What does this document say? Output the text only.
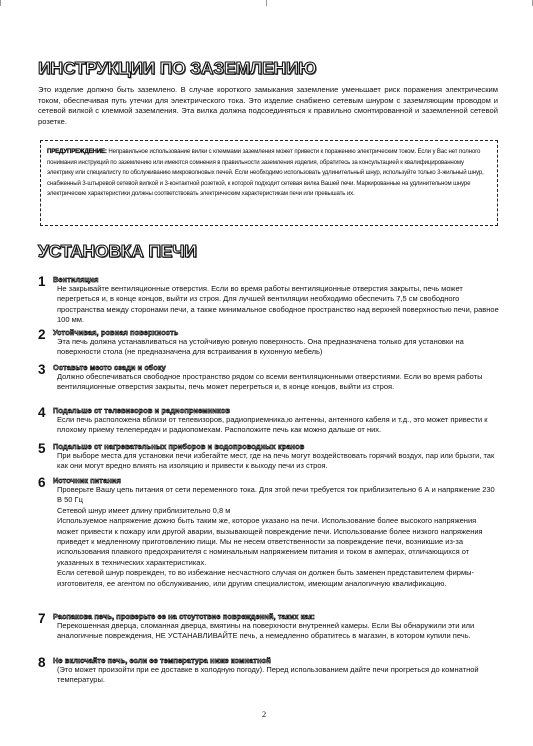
ИНСТРУКЦИИ ПО ЗАЗЕМЛЕНИЮ

Это изделие должно быть заземлено. В случае короткого замыкания заземление уменьшает риск поражения электрическим током, обеспечивая путь утечки для электрического тока. Это изделие снабжено сетевым шнуром с заземляющим проводом и сетевой вилкой с клеммой заземления. Эта вилка должна подсоединяться к правильно смонтированной и заземленной сетевой розетке.

ПРЕДУПРЕЖДЕНИЕ: Неправильное использование вилки с клеммами заземления может привести к поражению электрическим током. Если у Вас нет полного понимания инструкций по заземлению или имеются сомнения в правильности заземления изделия, обратитесь за консультацией к квалифицированному электрику или специалисту по обслуживанию микроволновых печей. Если необходимо использовать удлинительный шнур, используйте только 3-жильный шнур, снабженный 3-штыревой сетевой вилкой и 3-контактной розеткой, к которой подходит сетевая вилка Вашей печи. Маркированные на удлинительном шнуре электрические характеристики должны соответствовать электрическим характеристикам печи или превышать их.

УСТАНОВКА ПЕЧИ
1 Вентиляция

Не закрывайте вентиляционные отверстия. Если во время работы вентиляционные отверстия закрыты, печь может перегреться и, в конце концов, выйти из строя. Для лучшей вентиляции необходимо обеспечить 7,5 см свободного пространства между сторонами печи, а также минимальное свободное пространство над верхней поверхностью печи, равное 100 мм.

2 Устойчивая, ровная поверхность

Эта печь должна устанавливаться на устойчивую ровную поверхность. Она предназначена только для установки на поверхности стола (не предназначена для встраивания в кухонную мебель)

3 Оставьте место сзади и сбоку

Должно обеспечиваться свободное пространство рядом со всеми вентиляционными отверстиями. Если во время работы вентиляционные отверстия закрыты, печь может перегреться и, в конце концов, выйти из строя.

4 Подальше от телевизоров и радиоприемников

Если печь расположена вблизи от телевизоров, радиоприемника,ю антенны, антенного кабеля и т.д., это может привести к плохому приему телепередач и радиопомехам. Расположите печь как можно дальше от них.

5 Подальше от нагревательных приборов и водопроводных кранов

При выборе места для установки печи избегайте мест, где на печь могут воздействовать горячий воздух, пар или брызги, так как они могут вредно влиять на изоляцию и привести к выходу печи из строя.

6 Источник питания

Проверьте Вашу цепь питания от сети переменного тока. Для этой печи требуется ток приблизительно 6 А и напряжение 230 В 50 Гц
Сетевой шнур имеет длину приблизительно 0,8 м
Используемое напряжение дожно быть таким же, которое указано на печи. Использование более высокого напряжения может привести к пожару или другой аварии, вызывающей повреждение печи. Использование более низкого напряжения приведет к медленному приготовлению пищи. Мы не несем ответственности за повреждение печи, возникшие из-за использования плавкого предохранителя с номинальным напряжением питания и током в амперах, отличающихся от указанных в технических характеристиках.
Если сетевой шнур поврежден, то во избежание несчастного случая он должен быть заменен представителем фирмы-изготовителя, ее агентом по обслуживанию, или другим специалистом, имеющим аналогичную квалификацию.

7 Распакова печь, проверьте ее на отсутствие повреждений, таких как:

Перекошенная дверца, сломанная дверца, вмятины на поверхности внутренней камеры. Если Вы обнаружили эти или аналогичные повреждения, НЕ УСТАНАВЛИВАЙТЕ печь, а немедленно обратитесь в магазин, в котором купили печь.

8 Не включайте печь, если ее температура ниже комнатной

(Это может произойти при ее доставке в холодную погоду). Перед использованием дайте печи прогреться до комнатной температуры.

2
